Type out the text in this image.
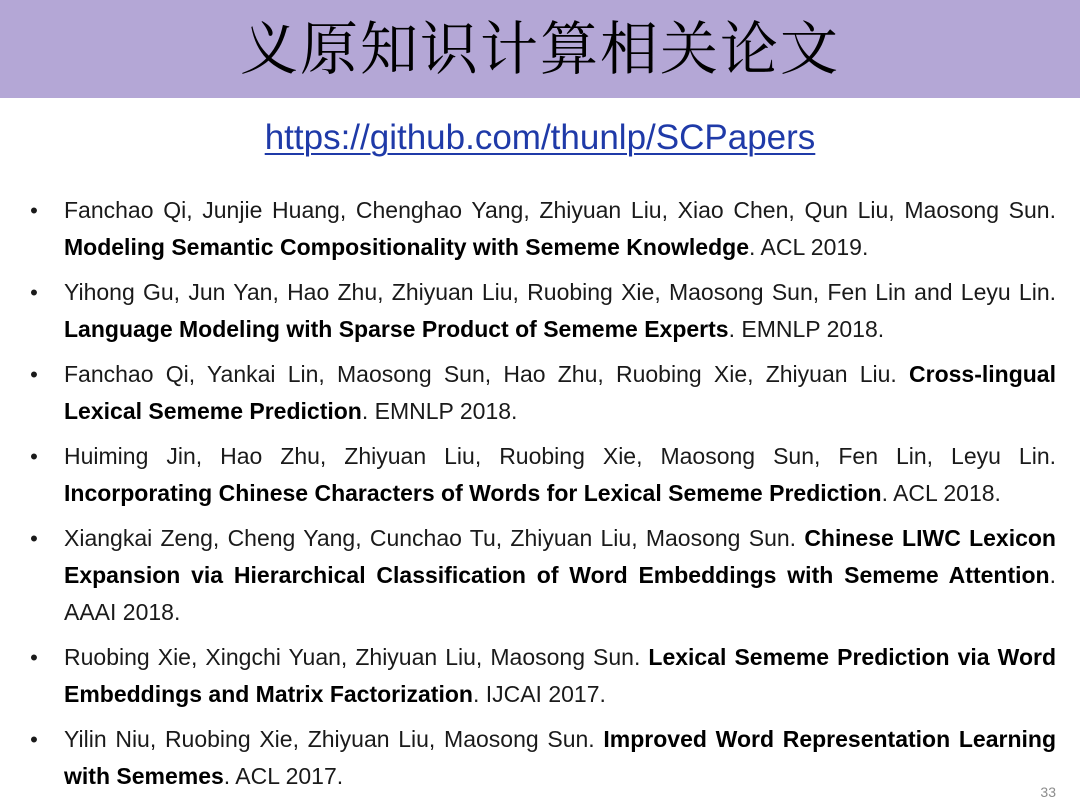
义原知识计算相关论文
https://github.com/thunlp/SCPapers
• Fanchao Qi, Junjie Huang, Chenghao Yang, Zhiyuan Liu, Xiao Chen, Qun Liu, Maosong Sun. Modeling Semantic Compositionality with Sememe Knowledge. ACL 2019.
• Yihong Gu, Jun Yan, Hao Zhu, Zhiyuan Liu, Ruobing Xie, Maosong Sun, Fen Lin and Leyu Lin. Language Modeling with Sparse Product of Sememe Experts. EMNLP 2018.
• Fanchao Qi, Yankai Lin, Maosong Sun, Hao Zhu, Ruobing Xie, Zhiyuan Liu. Cross-lingual Lexical Sememe Prediction. EMNLP 2018.
• Huiming Jin, Hao Zhu, Zhiyuan Liu, Ruobing Xie, Maosong Sun, Fen Lin, Leyu Lin. Incorporating Chinese Characters of Words for Lexical Sememe Prediction. ACL 2018.
• Xiangkai Zeng, Cheng Yang, Cunchao Tu, Zhiyuan Liu, Maosong Sun. Chinese LIWC Lexicon Expansion via Hierarchical Classification of Word Embeddings with Sememe Attention. AAAI 2018.
• Ruobing Xie, Xingchi Yuan, Zhiyuan Liu, Maosong Sun. Lexical Sememe Prediction via Word Embeddings and Matrix Factorization. IJCAI 2017.
• Yilin Niu, Ruobing Xie, Zhiyuan Liu, Maosong Sun. Improved Word Representation Learning with Sememes. ACL 2017.
33
